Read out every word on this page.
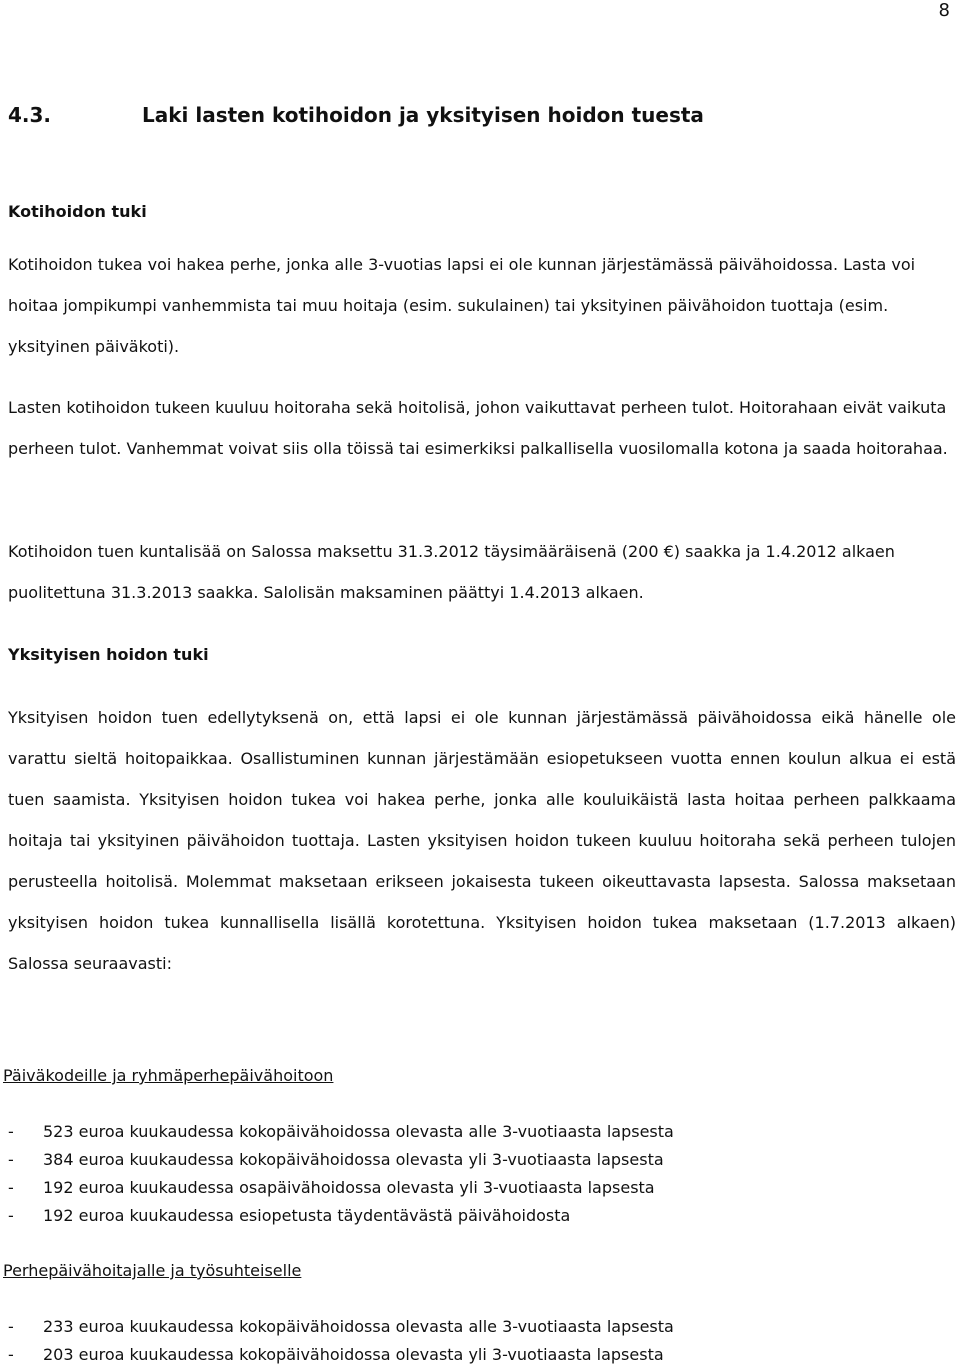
8
4.3.	Laki lasten kotihoidon ja yksityisen hoidon tuesta
Kotihoidon tuki

Kotihoidon tukea voi hakea perhe, jonka alle 3-vuotias lapsi ei ole kunnan järjestämässä päivähoidossa. Lasta voi hoitaa jompikumpi vanhemmista tai muu hoitaja (esim. sukulainen) tai yksityinen päivähoidon tuottaja (esim. yksityinen päiväkoti).

Lasten kotihoidon tukeen kuuluu hoitoraha sekä hoitolisä, johon vaikuttavat perheen tulot. Hoitorahaan eivät vaikuta perheen tulot. Vanhemmat voivat siis olla töissä tai esimerkiksi palkallisella vuosilomalla kotona ja saada hoitorahaa.

Kotihoidon tuen kuntalisää on Salossa maksettu 31.3.2012 täysimääräisenä (200 €) saakka ja 1.4.2012 alkaen puolitettuna 31.3.2013 saakka. Salolisän maksaminen päättyi 1.4.2013 alkaen.

Yksityisen hoidon tuki

Yksityisen hoidon tuen edellytyksenä on, että lapsi ei ole kunnan järjestämässä päivähoidossa eikä hänelle ole varattu sieltä hoitopaikkaa. Osallistuminen kunnan järjestämään esiopetukseen vuotta ennen koulun alkua ei estä tuen saamista. Yksityisen hoidon tukea voi hakea perhe, jonka alle kouluikäistä lasta hoitaa perheen palkkaama hoitaja tai yksityinen päivähoidon tuottaja. Lasten yksityisen hoidon tukeen kuuluu hoitoraha sekä perheen tulojen perusteella hoitolisä. Molemmat maksetaan erikseen jokaisesta tukeen oikeuttavasta lapsesta. Salossa maksetaan yksityisen hoidon tukea kunnallisella lisällä korotettuna. Yksityisen hoidon tukea maksetaan (1.7.2013 alkaen) Salossa seuraavasti:

Päiväkodeille ja ryhmäperhepäivähoitoon
-	523 euroa kuukaudessa kokopäivähoidossa olevasta alle 3-vuotiaasta lapsesta
-	384 euroa kuukaudessa kokopäivähoidossa olevasta yli 3-vuotiaasta lapsesta
-	192 euroa kuukaudessa osapäivähoidossa olevasta yli 3-vuotiaasta lapsesta
-	192 euroa kuukaudessa esiopetusta täydentävästä päivähoidosta
Perhepäivähoitajalle ja työsuhteiselle
-	233 euroa kuukaudessa kokopäivähoidossa olevasta alle 3-vuotiaasta lapsesta
-	203 euroa kuukaudessa kokopäivähoidossa olevasta yli 3-vuotiaasta lapsesta
